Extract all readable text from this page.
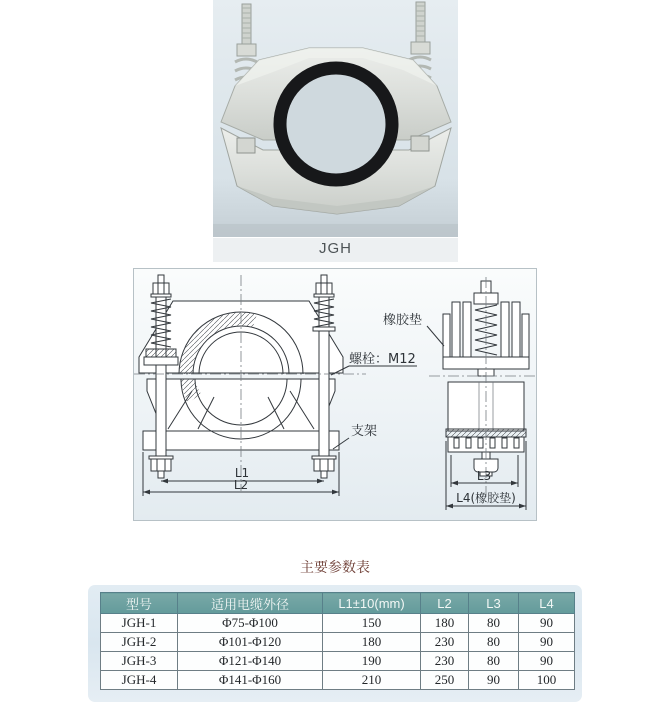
JGH
橡胶垫
螺栓：M12
支架
L1
L2
L3
L4(橡胶垫)
主要参数表
型号	适用电缆外径	L1±10(mm)	L2	L3	L4
JGH-1	Φ75-Φ100	150	180	80	90
JGH-2	Φ101-Φ120	180	230	80	90
JGH-3	Φ121-Φ140	190	230	80	90
JGH-4	Φ141-Φ160	210	250	90	100
